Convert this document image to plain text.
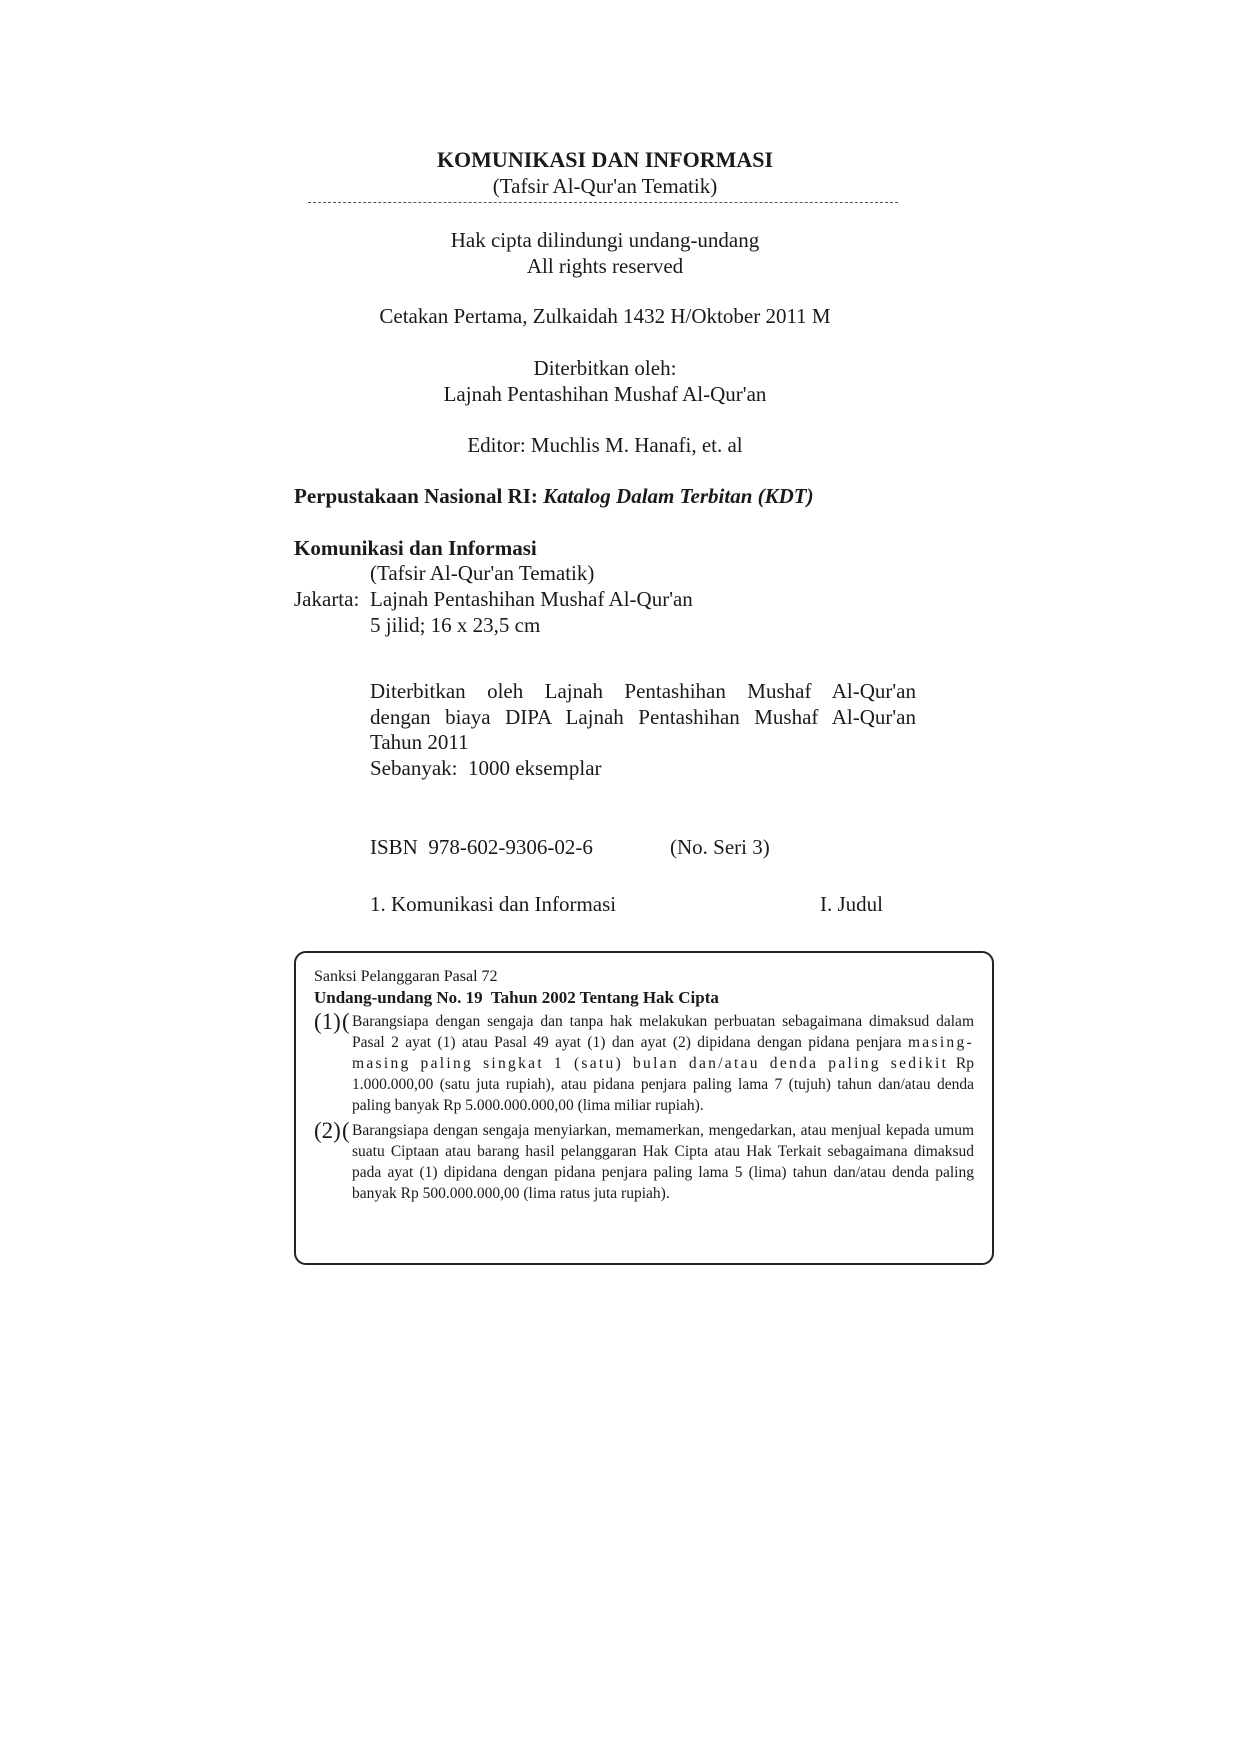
KOMUNIKASI DAN INFORMASI
(Tafsir Al-Qur'an Tematik)
Hak cipta dilindungi undang-undang
All rights reserved
Cetakan Pertama, Zulkaidah 1432 H/Oktober 2011 M
Diterbitkan oleh:
Lajnah Pentashihan Mushaf Al-Qur'an
Editor: Muchlis M. Hanafi, et. al
Perpustakaan Nasional RI: Katalog Dalam Terbitan (KDT)
Komunikasi dan Informasi
(Tafsir Al-Qur'an Tematik)
Jakarta: Lajnah Pentashihan Mushaf Al-Qur'an
5 jilid; 16 x 23,5 cm
Diterbitkan oleh Lajnah Pentashihan Mushaf Al-Qur'an
dengan biaya DIPA Lajnah Pentashihan Mushaf Al-Qur'an
Tahun 2011
Sebanyak:  1000 eksemplar
ISBN  978-602-9306-02-6	(No. Seri 3)
1. Komunikasi dan Informasi	I. Judul
Sanksi Pelanggaran Pasal 72
Undang-undang No. 19  Tahun 2002 Tentang Hak Cipta
(1) ( Barangsiapa dengan sengaja dan tanpa hak melakukan perbuatan sebagaimana dimaksud dalam Pasal 2 ayat (1) atau Pasal 49 ayat (1) dan ayat (2) dipidana dengan pidana penjara masing-masing paling singkat 1 (satu) bulan dan/atau denda paling sedikit Rp 1.000.000,00 (satu juta rupiah), atau pidana penjara paling lama 7 (tujuh) tahun dan/atau denda paling banyak Rp 5.000.000.000,00 (lima miliar rupiah).
(2) ( Barangsiapa dengan sengaja menyiarkan, memamerkan, mengedarkan, atau menjual kepada umum suatu Ciptaan atau barang hasil pelanggaran Hak Cipta atau Hak Terkait sebagaimana dimaksud pada ayat (1) dipidana dengan pidana penjara paling lama 5 (lima) tahun dan/atau denda paling banyak Rp 500.000.000,00 (lima ratus juta rupiah).
